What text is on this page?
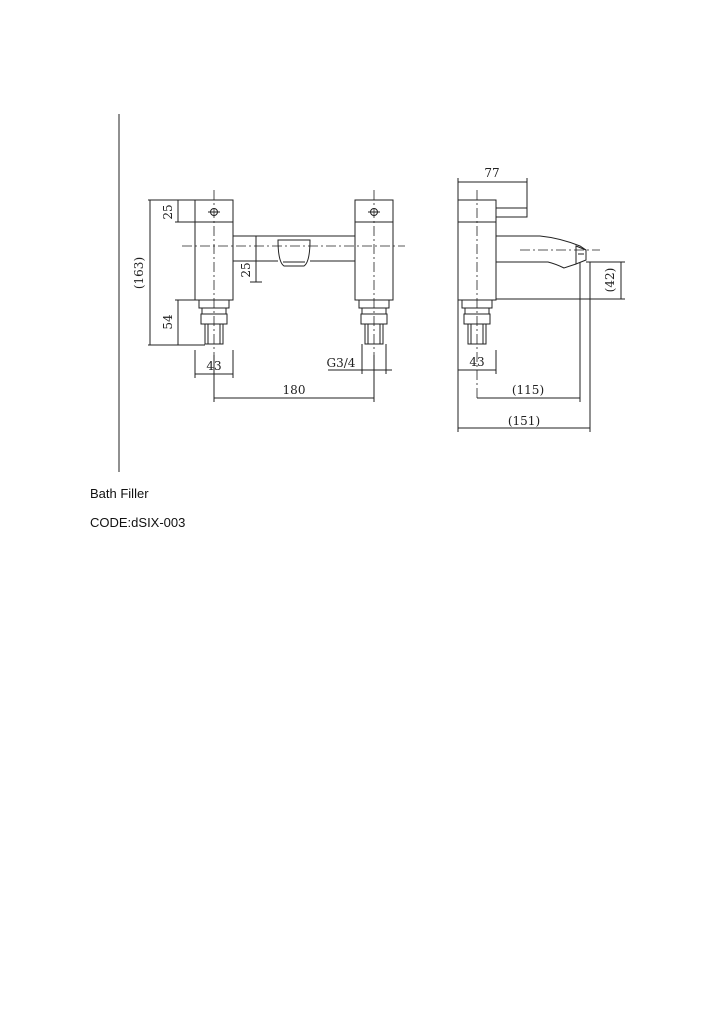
25
(163)
54
25
43	G3/4
180
77
(42)
43
(115)
(151)
Bath Filler
CODE:dSIX-003
